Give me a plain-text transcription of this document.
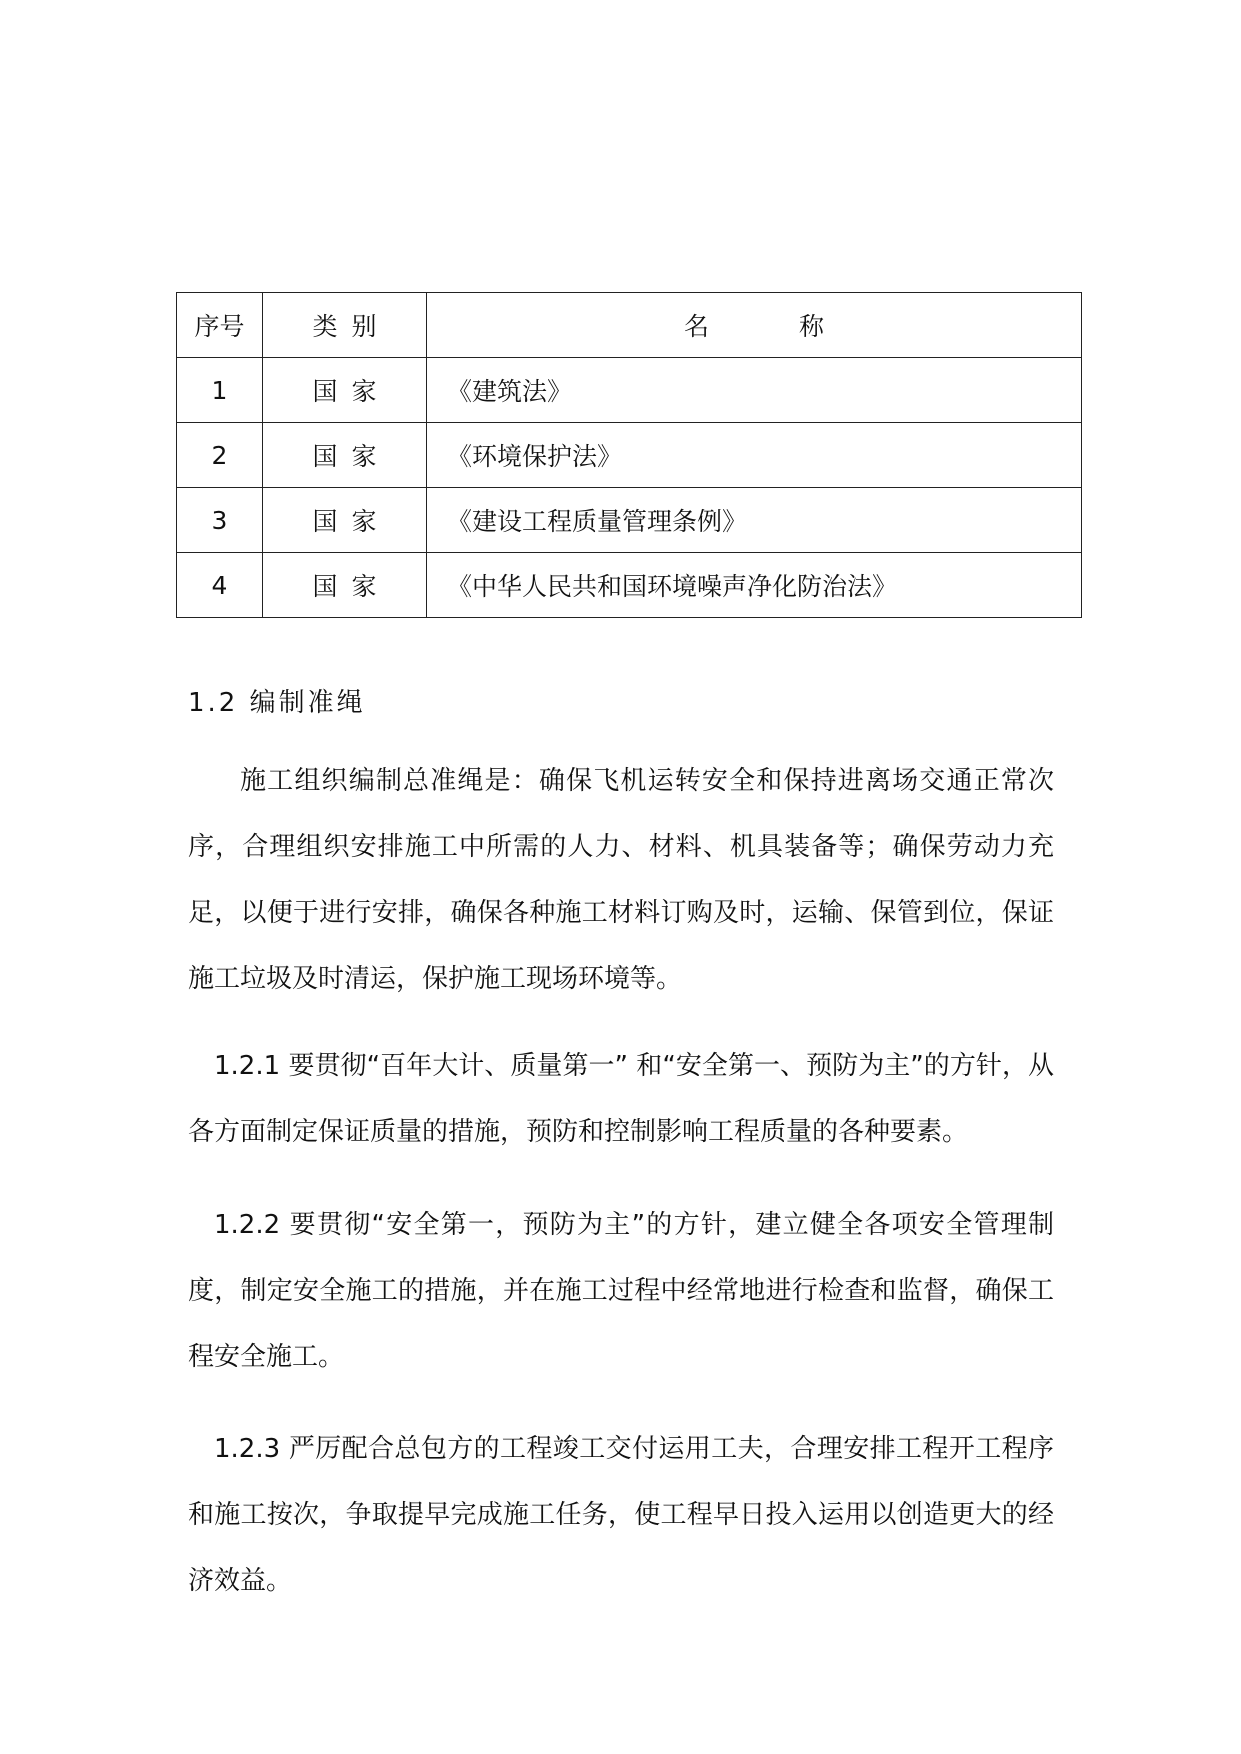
序号	类别	名称
1	国家	《建筑法》
2	国家	《环境保护法》
3	国家	《建设工程质量管理条例》
4	国家	《中华人民共和国环境噪声净化防治法》
1.2 编制准绳

施工组织编制总准绳是：确保飞机运转安全和保持进离场交通正常次序，合理组织安排施工中所需的人力、材料、机具装备等；确保劳动力充足，以便于进行安排，确保各种施工材料订购及时，运输、保管到位，保证施工垃圾及时清运，保护施工现场环境等。

1.2.1 要贯彻“百年大计、质量第一” 和“安全第一、预防为主”的方针，从各方面制定保证质量的措施，预防和控制影响工程质量的各种要素。

1.2.2 要贯彻“安全第一，预防为主”的方针，建立健全各项安全管理制度，制定安全施工的措施，并在施工过程中经常地进行检查和监督，确保工程安全施工。

1.2.3 严厉配合总包方的工程竣工交付运用工夫，合理安排工程开工程序和施工按次，争取提早完成施工任务，使工程早日投入运用以创造更大的经济效益。
